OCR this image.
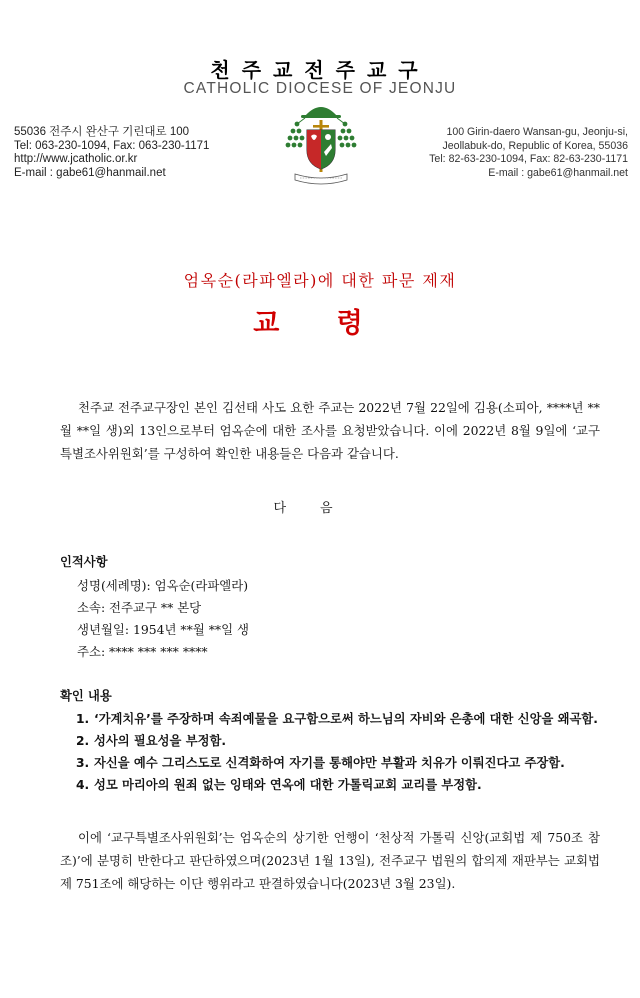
천주교전주교구
CATHOLIC DIOCESE OF JEONJU
55036 전주시 완산구 기린대로 100
Tel: 063-230-1094, Fax: 063-230-1171
http://www.jcatholic.or.kr
E-mail : gabe61@hanmail.net
100 Girin-daero Wansan-gu, Jeonju-si,
Jeollabuk-do, Republic of Korea, 55036
Tel: 82-63-230-1094, Fax: 82-63-230-1171
E-mail : gabe61@hanmail.net
엄옥순(라파엘라)에 대한 파문 제재
교 령

천주교 전주교구장인 본인 김선태 사도 요한 주교는 2022년 7월 22일에 김용(소피아, ****년 **월 **일 생)외 13인으로부터 엄옥순에 대한 조사를 요청받았습니다. 이에 2022년 8월 9일에 ‘교구특별조사위원회’를 구성하여 확인한 내용들은 다음과 같습니다.

다음
인적사항
성명(세례명): 엄옥순(라파엘라)
소속: 전주교구 ** 본당
생년월일: 1954년 **월 **일 생
주소: **** *** *** ****
확인 내용
1. ‘가계치유’를 주장하며 속죄예물을 요구함으로써 하느님의 자비와 은총에 대한 신앙을 왜곡함.
2. 성사의 필요성을 부정함.
3. 자신을 예수 그리스도로 신격화하여 자기를 통해야만 부활과 치유가 이뤄진다고 주장함.
4. 성모 마리아의 원죄 없는 잉태와 연옥에 대한 가톨릭교회 교리를 부정함.

이에 ‘교구특별조사위원회’는 엄옥순의 상기한 언행이 ‘천상적 가톨릭 신앙(교회법 제 750조 참조)’에 분명히 반한다고 판단하였으며(2023년 1월 13일), 전주교구 법원의 합의제 재판부는 교회법 제 751조에 해당하는 이단 행위라고 판결하였습니다(2023년 3월 23일).
